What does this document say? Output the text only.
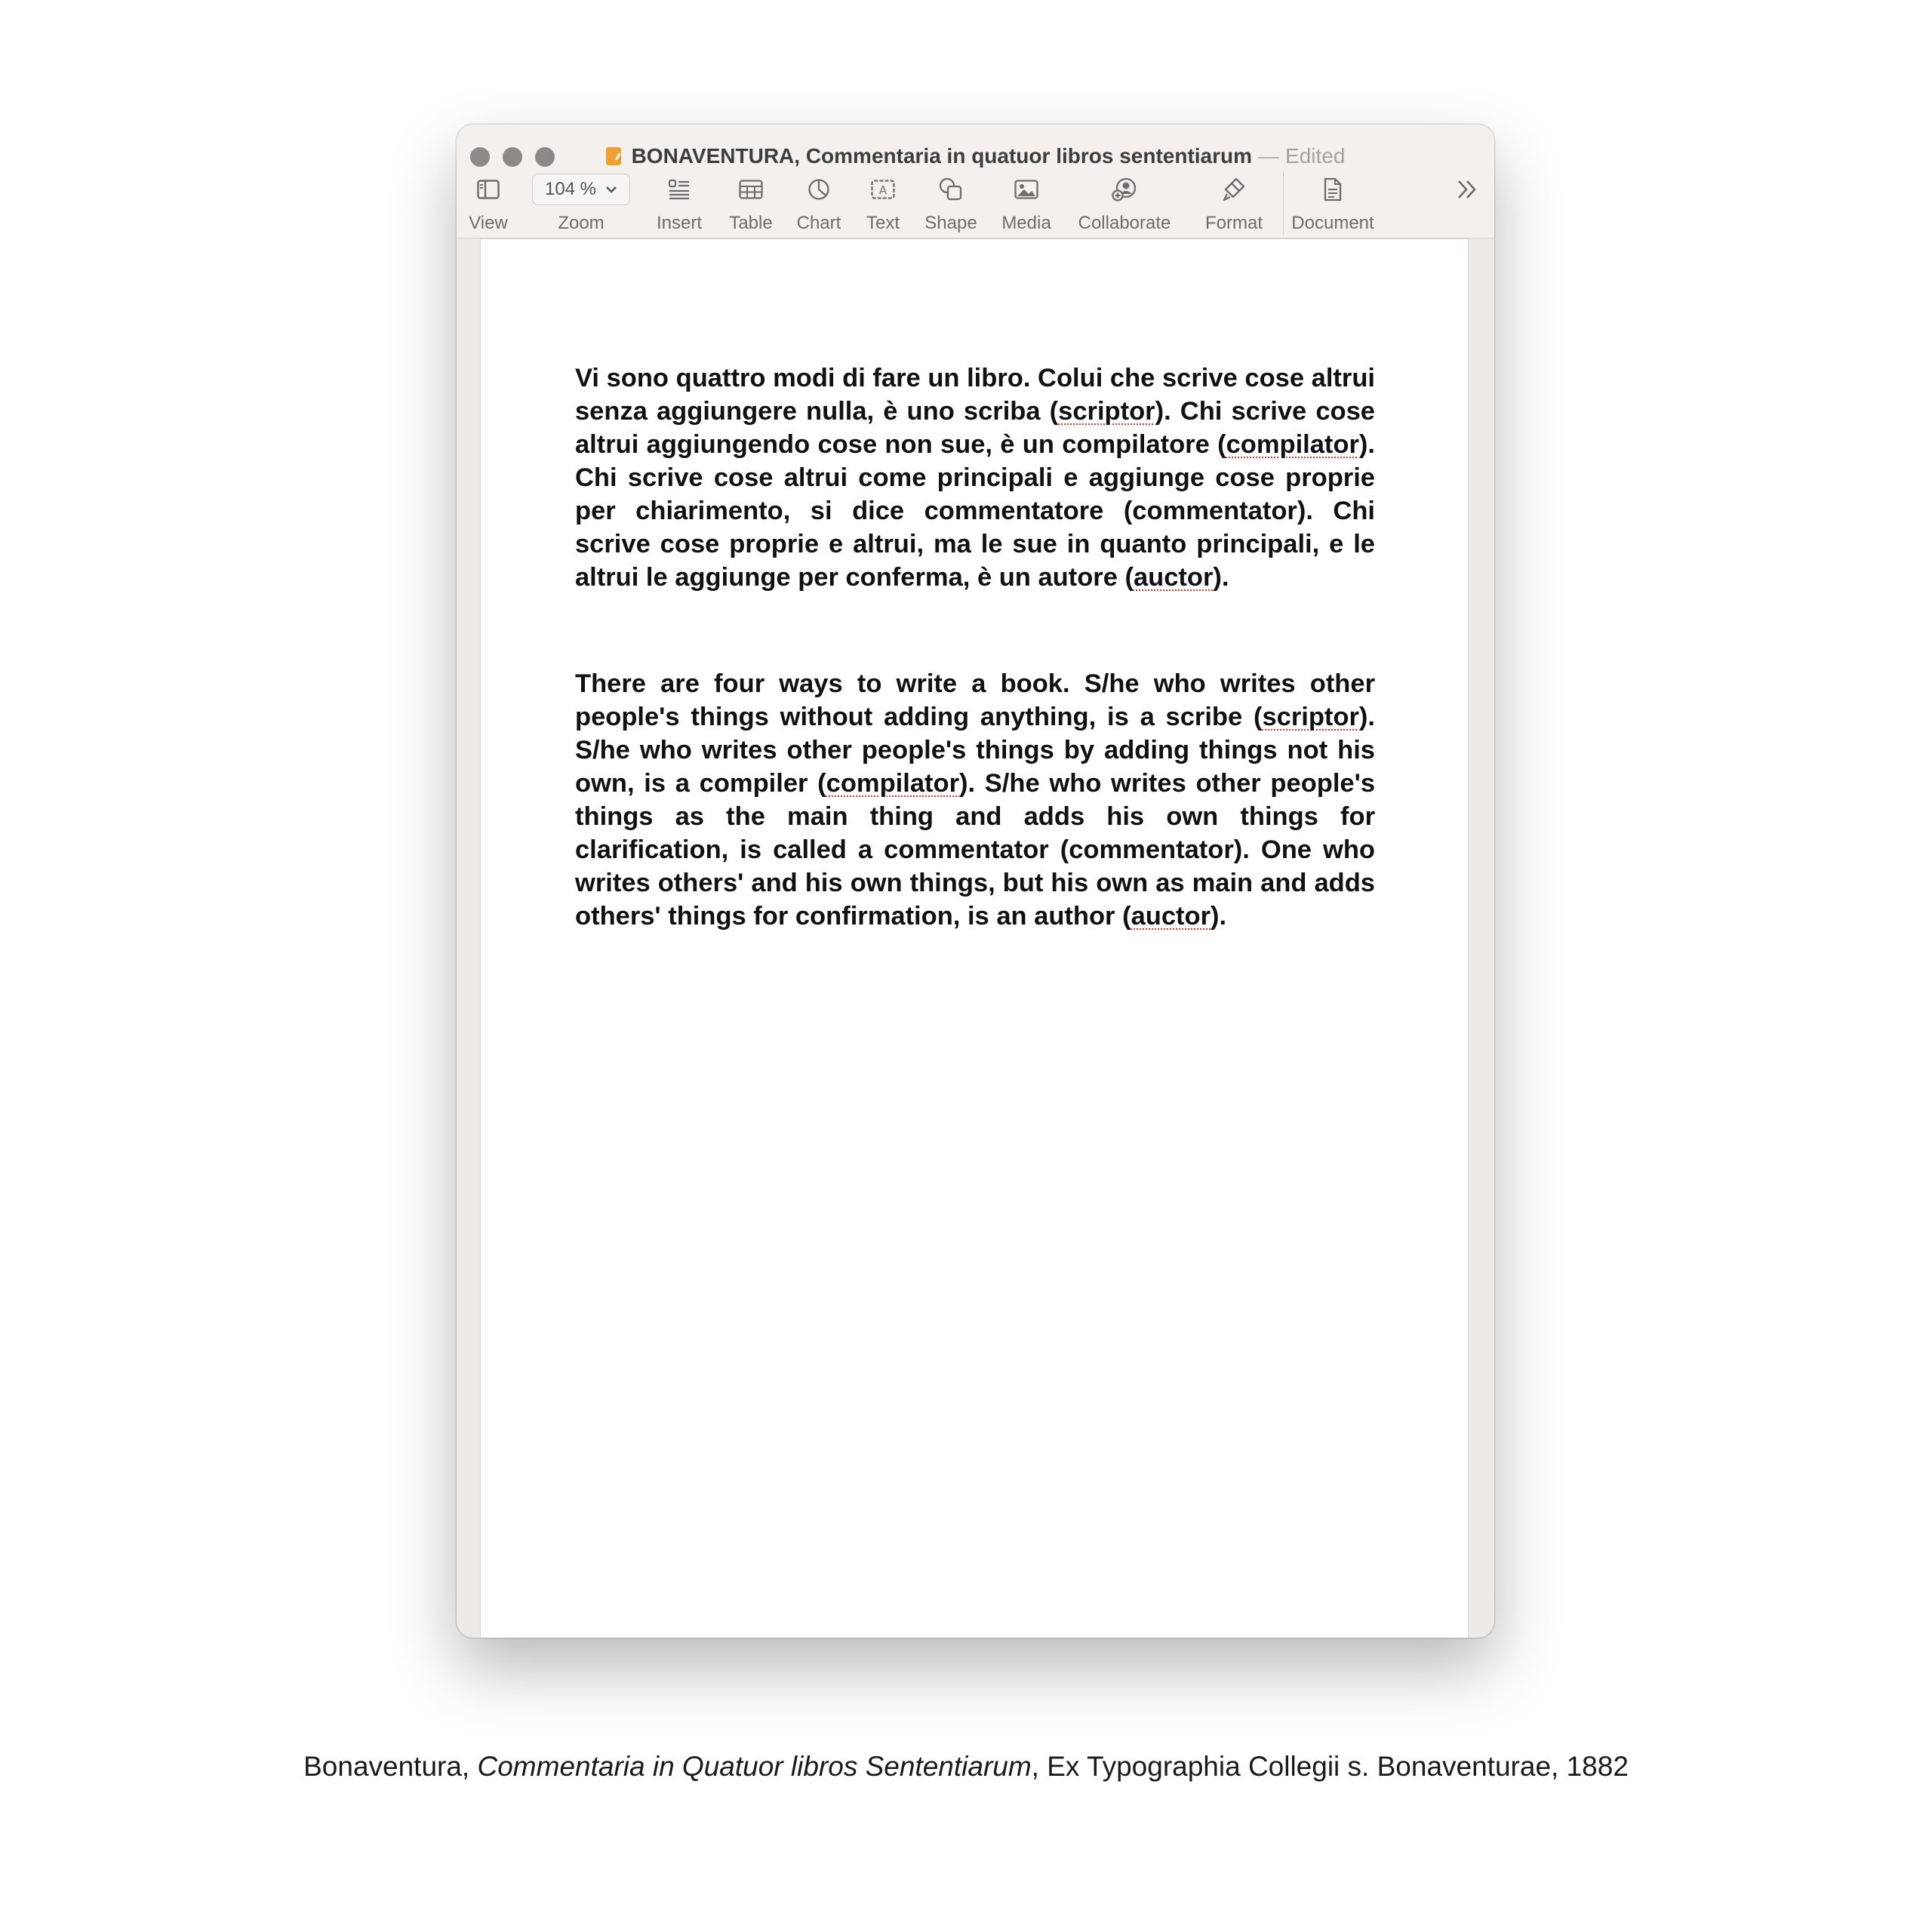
BONAVENTURA, Commentaria in quatuor libros sententiarum — Edited
View
104 %
Zoom	Insert	Table	Chart
A
Text	Shape	Media	Collaborate	Format	Document

Vi sono quattro modi di fare un libro. Colui che scrive cose altrui senza aggiungere nulla, è uno scriba (scriptor). Chi scrive cose altrui aggiungendo cose non sue, è un compilatore (compilator). Chi scrive cose altrui come principali e aggiunge cose proprie per chiarimento, si dice commentatore (commentator). Chi scrive cose proprie e altrui, ma le sue in quanto principali, e le altrui le aggiunge per conferma, è un autore (auctor).

There are four ways to write a book. S/he who writes other people's things without adding anything, is a scribe (scriptor). S/he who writes other people's things by adding things not his own, is a compiler (compilator). S/he who writes other people's things as the main thing and adds his own things for clarification, is called a commentator (commentator). One who writes others' and his own things, but his own as main and adds others' things for confirmation, is an author (auctor).

Bonaventura, Commentaria in Quatuor libros Sententiarum, Ex Typographia Collegii s. Bonaventurae, 1882
